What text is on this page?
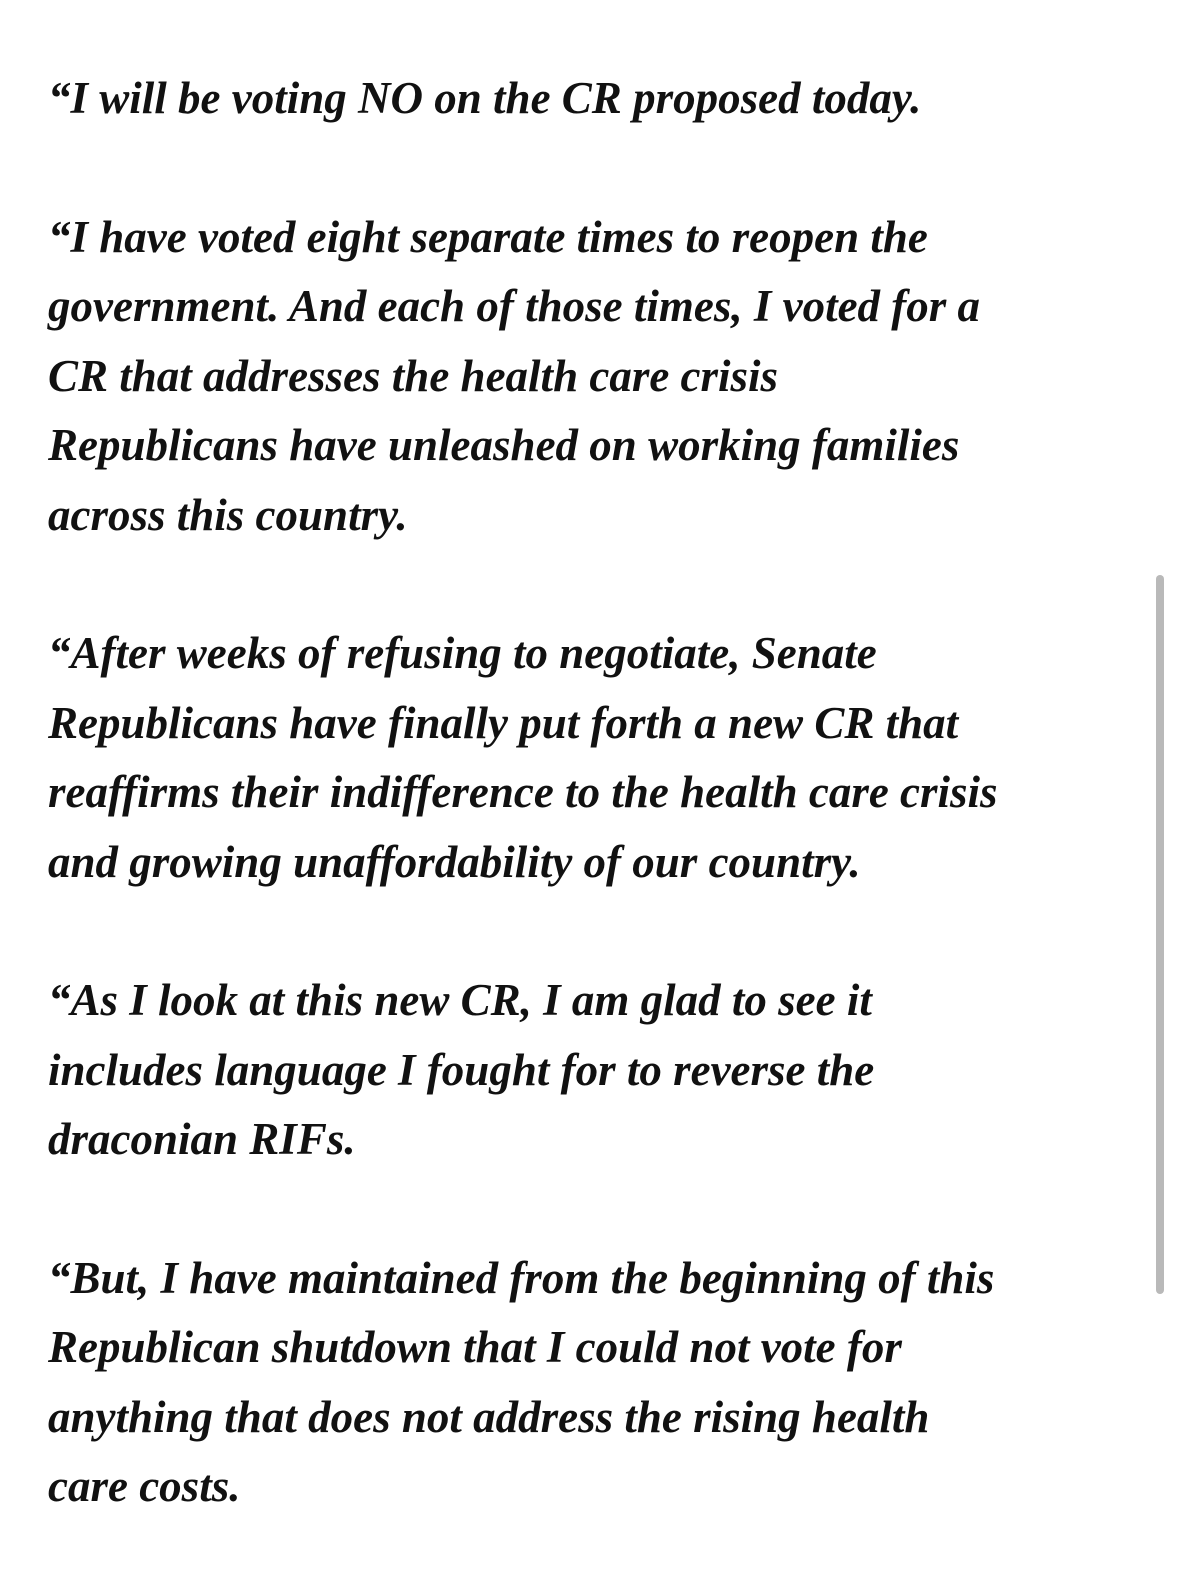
“I will be voting NO on the CR proposed today.

“I have voted eight separate times to reopen the
government. And each of those times, I voted for a
CR that addresses the health care crisis
Republicans have unleashed on working families
across this country.

“After weeks of refusing to negotiate, Senate
Republicans have finally put forth a new CR that
reaffirms their indifference to the health care crisis
and growing unaffordability of our country.

“As I look at this new CR, I am glad to see it
includes language I fought for to reverse the
draconian RIFs.

“But, I have maintained from the beginning of this
Republican shutdown that I could not vote for
anything that does not address the rising health
care costs.
